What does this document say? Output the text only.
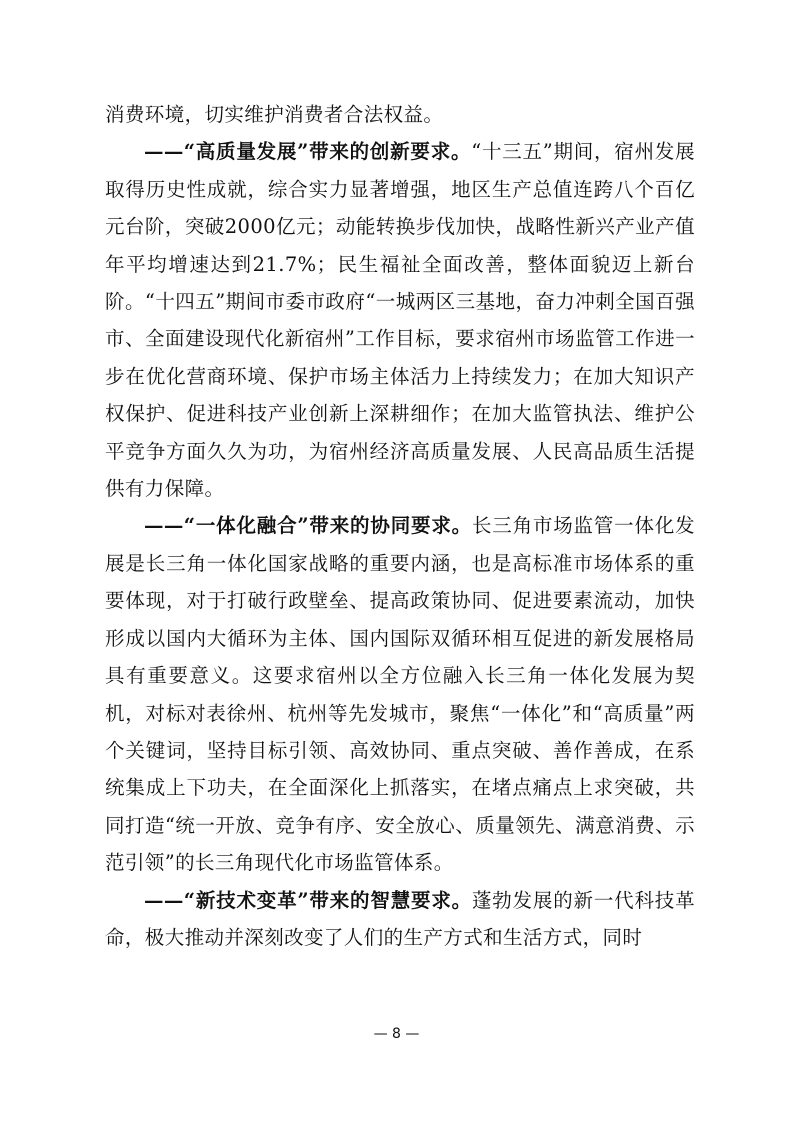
消费环境，切实维护消费者合法权益。

——“高质量发展”带来的创新要求。“十三五”期间，宿州发展取得历史性成就，综合实力显著增强，地区生产总值连跨八个百亿元台阶，突破2000亿元；动能转换步伐加快，战略性新兴产业产值年平均增速达到21.7%；民生福祉全面改善，整体面貌迈上新台阶。“十四五”期间市委市政府“一城两区三基地，奋力冲刺全国百强市、全面建设现代化新宿州”工作目标，要求宿州市场监管工作进一步在优化营商环境、保护市场主体活力上持续发力；在加大知识产权保护、促进科技产业创新上深耕细作；在加大监管执法、维护公平竞争方面久久为功，为宿州经济高质量发展、人民高品质生活提供有力保障。

——“一体化融合”带来的协同要求。长三角市场监管一体化发展是长三角一体化国家战略的重要内涵，也是高标准市场体系的重要体现，对于打破行政壁垒、提高政策协同、促进要素流动，加快形成以国内大循环为主体、国内国际双循环相互促进的新发展格局具有重要意义。这要求宿州以全方位融入长三角一体化发展为契机，对标对表徐州、杭州等先发城市，聚焦“一体化”和“高质量”两个关键词，坚持目标引领、高效协同、重点突破、善作善成，在系统集成上下功夫，在全面深化上抓落实，在堵点痛点上求突破，共同打造“统一开放、竞争有序、安全放心、质量领先、满意消费、示范引领”的长三角现代化市场监管体系。

——“新技术变革”带来的智慧要求。蓬勃发展的新一代科技革命，极大推动并深刻改变了人们的生产方式和生活方式，同时

— 8 —
